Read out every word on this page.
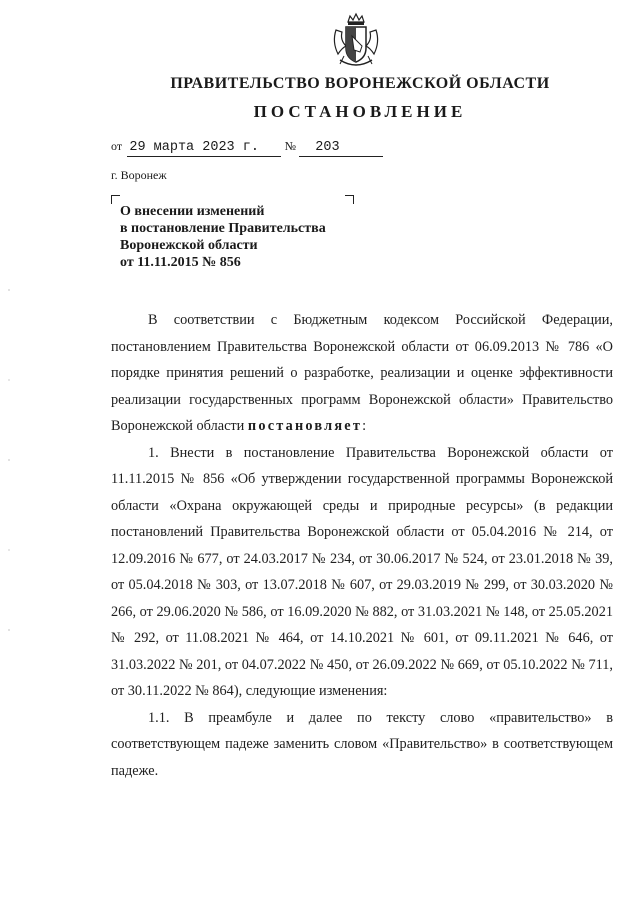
ПРАВИТЕЛЬСТВО ВОРОНЕЖСКОЙ ОБЛАСТИ
ПОСТАНОВЛЕНИЕ
от 29 марта 2023 г. № 203
г. Воронеж
О внесении изменений
в постановление Правительства
Воронежской области
от 11.11.2015 № 856

В соответствии с Бюджетным кодексом Российской Федерации, постановлением Правительства Воронежской области от 06.09.2013 № 786 «О порядке принятия решений о разработке, реализации и оценке эффективности реализации государственных программ Воронежской области» Правительство Воронежской области постановляет:

1. Внести в постановление Правительства Воронежской области от 11.11.2015 № 856 «Об утверждении государственной программы Воронежской области «Охрана окружающей среды и природные ресурсы» (в редакции постановлений Правительства Воронежской области от 05.04.2016 № 214, от 12.09.2016 № 677, от 24.03.2017 № 234, от 30.06.2017 № 524, от 23.01.2018 № 39, от 05.04.2018 № 303, от 13.07.2018 № 607, от 29.03.2019 № 299, от 30.03.2020 № 266, от 29.06.2020 № 586, от 16.09.2020 № 882, от 31.03.2021 № 148, от 25.05.2021 № 292, от 11.08.2021 № 464, от 14.10.2021 № 601, от 09.11.2021 № 646, от 31.03.2022 № 201, от 04.07.2022 № 450, от 26.09.2022 № 669, от 05.10.2022 № 711, от 30.11.2022 № 864), следующие изменения:

1.1. В преамбуле и далее по тексту слово «правительство» в соответствующем падеже заменить словом «Правительство» в соответствующем падеже.
